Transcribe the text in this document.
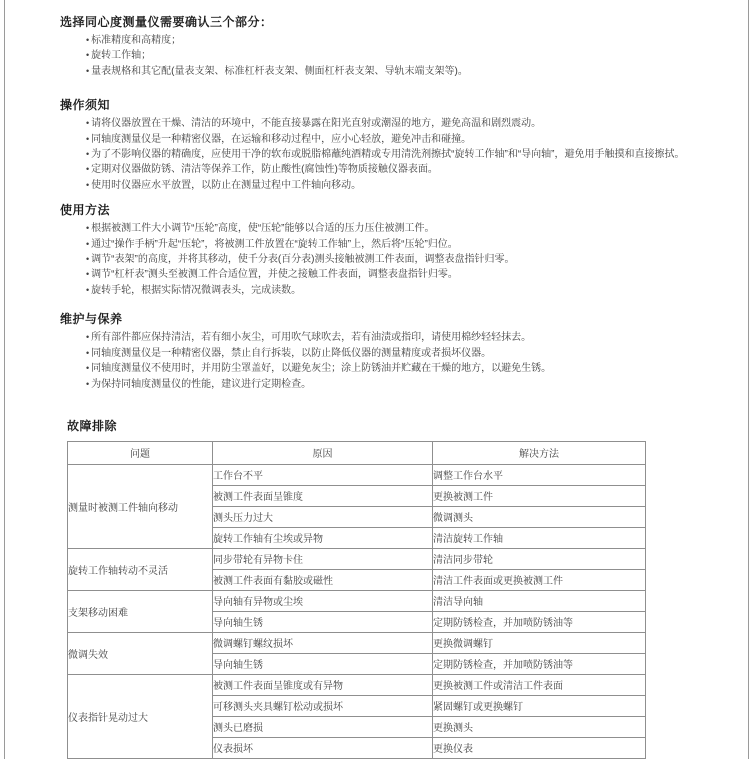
选择同心度测量仪需要确认三个部分：
• 标准精度和高精度；
• 旋转工作轴；
• 量表规格和其它配(量表支架、标准杠杆表支架、侧面杠杆表支架、导轨末端支架等)。
操作须知
• 请将仪器放置在干燥、清洁的环境中，不能直接暴露在阳光直射或潮湿的地方，避免高温和剧烈震动。
• 同轴度测量仪是一种精密仪器，在运输和移动过程中，应小心轻放，避免冲击和碰撞。
• 为了不影响仪器的精确度，应使用干净的软布或脱脂棉蘸纯酒精或专用清洗剂擦拭“旋转工作轴”和“导向轴”，避免用手触摸和直接擦拭。
• 定期对仪器做防锈、清洁等保养工作，防止酸性(腐蚀性)等物质接触仪器表面。
• 使用时仪器应水平放置，以防止在测量过程中工件轴向移动。
使用方法
• 根据被测工件大小调节“压轮”高度，使“压轮”能够以合适的压力压住被测工件。
• 通过“操作手柄”升起“压轮”，将被测工件放置在“旋转工作轴”上，然后将“压轮”归位。
• 调节“表架”的高度，并将其移动，使千分表(百分表)测头接触被测工件表面，调整表盘指针归零。
• 调节“杠杆表”测头至被测工件合适位置，并使之接触工件表面，调整表盘指针归零。
• 旋转手轮，根据实际情况微调表头，完成读数。
维护与保养
• 所有部件都应保持清洁，若有细小灰尘，可用吹气球吹去，若有油渍或指印，请使用棉纱轻轻抹去。
• 同轴度测量仪是一种精密仪器，禁止自行拆装，以防止降低仪器的测量精度或者损坏仪器。
• 同轴度测量仪不使用时，并用防尘罩盖好，以避免灰尘；涂上防锈油并贮藏在干燥的地方，以避免生锈。
• 为保持同轴度测量仪的性能，建议进行定期检查。
故障排除
问题	原因	解决方法
测量时被测工件轴向移动	工作台不平	调整工作台水平
	被测工件表面呈锥度	更换被测工件
	测头压力过大	微调测头
	旋转工作轴有尘埃或异物	清洁旋转工作轴
旋转工作轴转动不灵活	同步带轮有异物卡住	清洁同步带轮
	被测工件表面有黏胶或磁性	清洁工件表面或更换被测工件
支架移动困难	导向轴有异物或尘埃	清洁导向轴
	导向轴生锈	定期防锈检查，并加喷防锈油等
微调失效	微调螺钉螺纹损坏	更换微调螺钉
	导向轴生锈	定期防锈检查，并加喷防锈油等
仪表指针晃动过大	被测工件表面呈锥度或有异物	更换被测工件或清洁工件表面
	可移测头夹具螺钉松动或损坏	紧固螺钉或更换螺钉
	测头已磨损	更换测头
	仪表损坏	更换仪表
